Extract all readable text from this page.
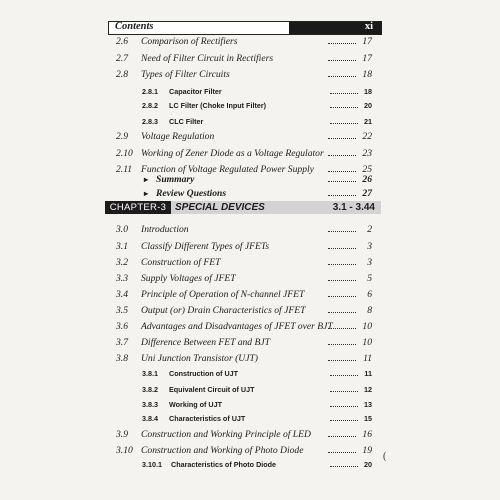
Contents	xi
2.6 Comparison of Rectifiers	17
2.7 Need of Filter Circuit in Rectifiers	17
2.8 Types of Filter Circuits	18
2.8.1 Capacitor Filter	18
2.8.2 LC Filter (Choke Input Filter)	20
2.8.3 CLC Filter	21
2.9 Voltage Regulation	22
2.10 Working of Zener Diode as a Voltage Regulator	23
2.11 Function of Voltage Regulated Power Supply	25
▸ Summary	26
▸ Review Questions	27
CHAPTER-3 SPECIAL DEVICES	3.1 - 3.44
3.0 Introduction	2
3.1 Classify Different Types of JFETs	3
3.2 Construction of FET	3
3.3 Supply Voltages of JFET	5
3.4 Principle of Operation of N-channel JFET	6
3.5 Output (or) Drain Characteristics of JFET	8
3.6 Advantages and Disadvantages of JFET over BJT	10
3.7 Difference Between FET and BJT	10
3.8 Uni Junction Transistor (UJT)	11
3.8.1 Construction of UJT	11
3.8.2 Equivalent Circuit of UJT	12
3.8.3 Working of UJT	13
3.8.4 Characteristics of UJT	15
3.9 Construction and Working Principle of LED	16
3.10 Construction and Working of Photo Diode	19
3.10.1 Characteristics of Photo Diode	20
(
